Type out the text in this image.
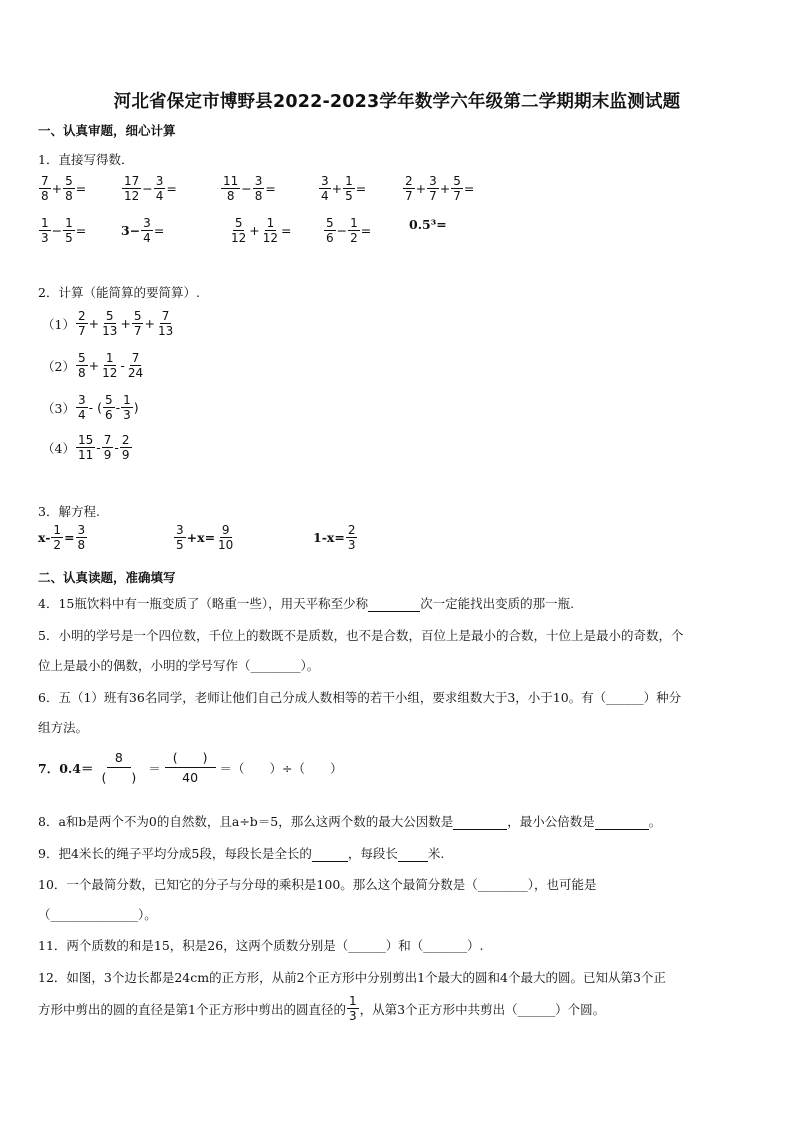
河北省保定市博野县2022-2023学年数学六年级第二学期期末监测试题
一、认真审题，细心计算
1．直接写得数．
$\frac{7}{8} + \frac{5}{8}$ =	$\frac{17}{12} - \frac{3}{4}$ =	$\frac{11}{8} - \frac{3}{8}$ =	$\frac{3}{4} + \frac{1}{5}$ =	$\frac{2}{7} + \frac{3}{7} + \frac{5}{7}$ =
$\frac{1}{3} - \frac{1}{5}$ =	$3- \frac{3}{4}$ =	$\frac{5}{12} + \frac{1}{12}$ =	$\frac{5}{6} - \frac{1}{2}$ =	0.5³=
2．计算（能简算的要简算）.
$(1) \frac{2}{7} + \frac{5}{13} + \frac{5}{7} + \frac{7}{13}$
$(2) \frac{5}{8} + \frac{1}{12} - \frac{7}{24}$
$(3) \frac{3}{4}$ - ( $\frac{5}{6} - \frac{1}{3}$ )
$(4) \frac{15}{11} - \frac{7}{9} - \frac{2}{9}$
3．解方程.
$x- \frac{1}{2} = \frac{3}{8}$	$\frac{3}{5} +x= \frac{9}{10}$	$1-x= \frac{2}{3}$
二、认真读题，准确填写
4．15瓶饮料中有一瓶变质了（略重一些），用天平称至少称	次一定能找出变质的那一瓶.
5．小明的学号是一个四位数，千位上的数既不是质数，也不是合数，百位上是最小的合数，十位上是最小的奇数，个
位上是最小的偶数，小明的学号写作（________）。
6．五（1）班有36名同学，老师让他们自己分成人数相等的若干小组，要求组数大于3，小于10。有（______）种分
组方法。
7．$0.4= \frac{8}{( )} = \frac{( )}{40}$ ＝（　　）÷（　　）
8．a和b是两个不为0的自然数，且a÷b＝5，那么这两个数的最大公因数是	，最小公倍数是	。
9．把4米长的绳子平均分成5段，每段长是全长的	，每段长 米.
10．一个最简分数，已知它的分子与分母的乘积是100。那么这个最简分数是（________），也可能是
（______________）。
11．两个质数的和是15，积是26，这两个质数分别是（______）和（_______）.
12．如图，3个边长都是24cm的正方形，从前2个正方形中分别剪出1个最大的圆和4个最大的圆。已知从第3个正
方形中剪出的圆的直径是第1个正方形中剪出的圆直径的 $\frac{1}{3}$ ，从第3个正方形中共剪出（______）个圆。
